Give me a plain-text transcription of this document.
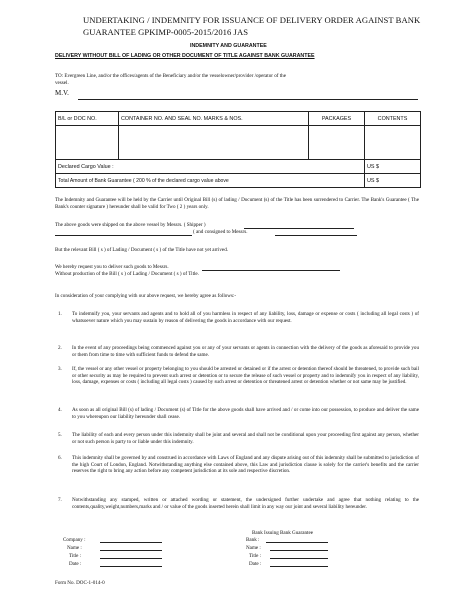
UNDERTAKING / INDEMNITY FOR ISSUANCE OF DELIVERY ORDER AGAINST BANK
GUARANTEE GPKIMP-0005-2015/2016 JAS
INDEMNITY AND GUARANTEE
DELIVERY WITHOUT BILL OF LADING OR OTHER DOCUMENT OF TITLE AGAINST BANK GUARANTEE
TO: Evergreen Line, and/or the offices/agents of the Beneficiary and/or the vesselowner/provider /operator of the
vessel.
M.V.
B/L or DOC NO.	CONTAINER NO. AND SEAL NO. MARKS & NOS.	PACKAGES	CONTENTS

Declared Cargo Value :			US $
Total Amount of Bank Guarantee ( 200 % of the declared cargo value above			US $
The Indemnity and Guarantee will be held by the Carrier until Original Bill (s) of lading / Document (s) of the Title has been surrendered to Carrier. The Bank's Guarantee ( The Bank's counter signature ) hereunder shall be valid for Two ( 2 ) years only.
The above goods were shipped on the above vessel by Messrs. ( Shipper )
( and consigned to Messrs.
But the relevant Bill ( s ) of Lading / Document ( s ) of the Title have not yet arrived.
We hereby request you to deliver such goods to Messrs.
Without production of the Bill ( s ) of Lading / Document ( s ) of Title.
In consideration of your complying with our above request, we hereby agree as follows:-
1. To indemnify you, your servants and agents and to hold all of you harmless in respect of any liability, loss, damage or expense or costs ( including all legal costs ) of whatsoever nature which you may sustain by reason of delivering the goods in accordance with our request.
2. In the event of any proceedings being commenced against you or any of your servants or agents in connection with the delivery of the goods as aforesaid to provide you or them from time to time with sufficient funds to defend the same.
3. If, the vessel or any other vessel or property belonging to you should be arrested or detained or if the arrest or detention thereof should be threatened, to provide such bail or other security as may be required to prevent such arrest or detention or to secure the release of such vessel or property and to indemnify you in respect of any liability, loss, damage, expenses or costs ( including all legal costs ) caused by such arrest or detention or threatened arrest or detention whether or not same may be justified.
4. As soon as all original Bill (s) of lading / Document (s) of Title for the above goods shall have arrived and / or come into our possession, to produce and deliver the same to you whereupon our liability hereunder shall cease.
5. The liability of each and every person under this indemnity shall be joint and several and shall not be conditional upon your proceeding first against any person, whether or not such person is party to or liable under this indemnity.
6. This indemnity shall be governed by and construed in accordance with Laws of England and any dispute arising out of this indemnity shall be submitted to jurisdiction of the high Court of London, England. Notwithstanding anything else contained above, this Law and jurisdiction clause is solely for the carrier's benefits and the carrier reserves the right to bring any action before any competent jurisdiction at its sole and respective discretion.
7. Notwithstanding any stamped, written or attached wording or statement, the undersigned further undertake and agree that nothing relating to the contents,quality,weight,numbers,marks and / or value of the goods inserted herein shall limit in any way our joint and several liability hereunder.
Company :
Name :
Title :
Date :
Bank Issuing Bank Guarantee
Bank :
Name :
Title :
Date :
Form No. DOC-1-014-0
